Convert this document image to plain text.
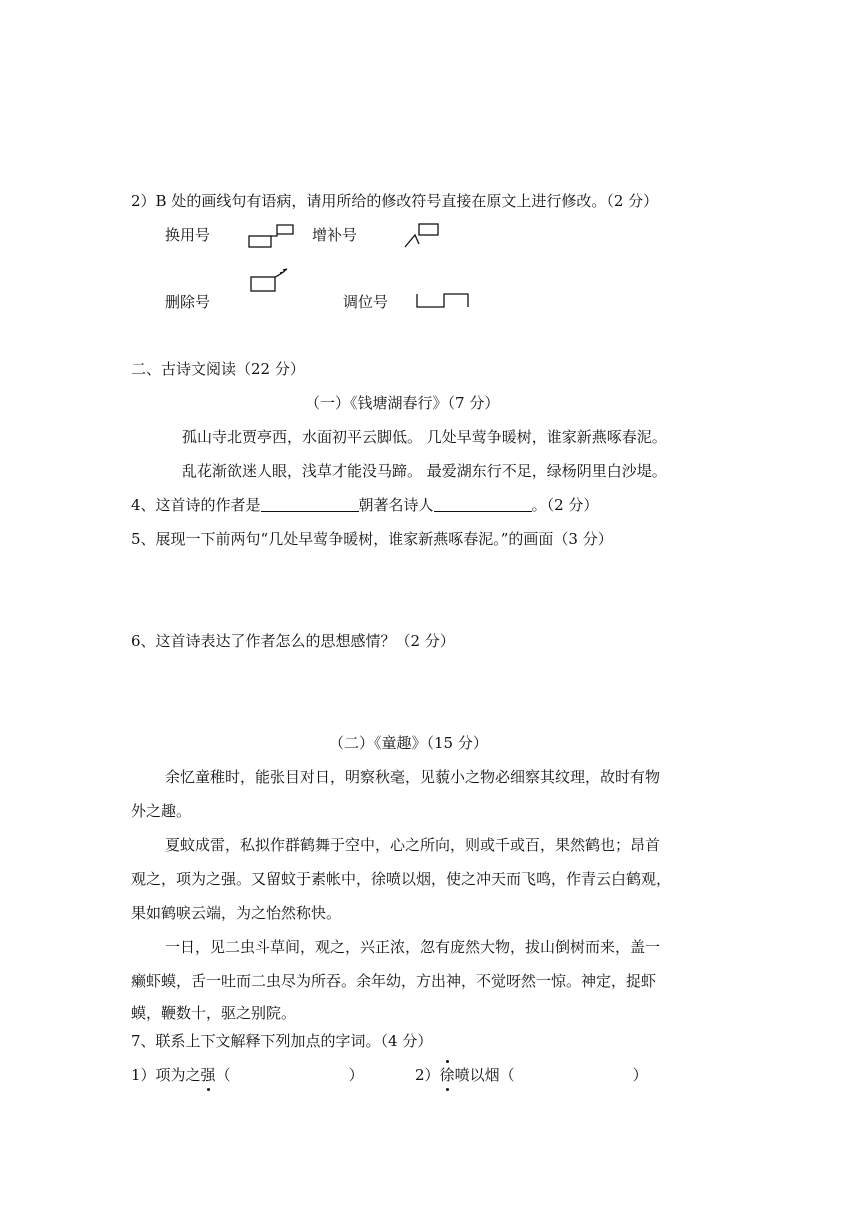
2）B 处的画线句有语病，请用所给的修改符号直接在原文上进行修改。（2 分）
换用号	增补号
删除号	调位号
二、古诗文阅读（22 分）
（一）《钱塘湖春行》（7 分）
孤山寺北贾亭西，水面初平云脚低。 几处早莺争暖树，谁家新燕啄春泥。
乱花渐欲迷人眼，浅草才能没马蹄。 最爱湖东行不足，绿杨阴里白沙堤。
4、这首诗的作者是	朝著名诗人	。（2 分）
5、展现一下前两句“几处早莺争暖树，谁家新燕啄春泥。”的画面（3 分）
6、这首诗表达了作者怎么的思想感情？（2 分）
（二）《童趣》（15 分）
余忆童稚时，能张目对日，明察秋毫，见藐小之物必细察其纹理，故时有物
外之趣。
夏蚊成雷，私拟作群鹤舞于空中，心之所向，则或千或百，果然鹤也；昂首
观之，项为之强。又留蚊于素帐中，徐喷以烟，使之冲天而飞鸣，作青云白鹤观，
果如鹤唳云端，为之怡然称快。
一日，见二虫斗草间，观之，兴正浓，忽有庞然大物，拔山倒树而来，盖一
癞虾蟆，舌一吐而二虫尽为所吞。余年幼，方出神，不觉呀然一惊。神定，捉虾
蟆，鞭数十，驱之别院。
7、联系上下文解释下列加点的字词。（4 分）
1）项为之强（	）	2）徐喷以烟（	）
